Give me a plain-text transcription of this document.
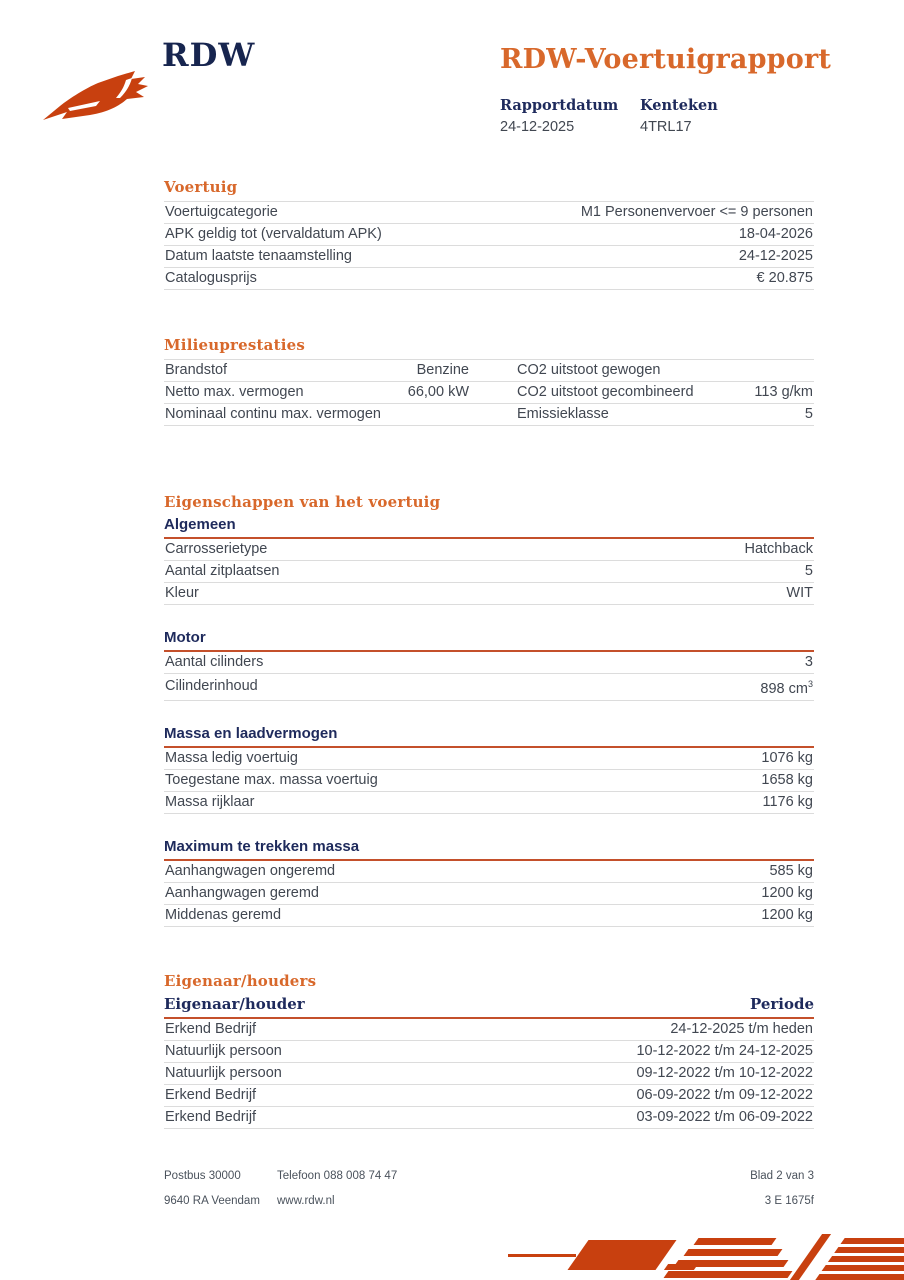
RDW	RDW-Voertuigrapport
Rapportdatum
24-12-2025
Kenteken
4TRL17
Voertuig
Voertuigcategorie	M1 Personenvervoer <= 9 personen
APK geldig tot (vervaldatum APK)	18-04-2026
Datum laatste tenaamstelling	24-12-2025
Catalogusprijs	€ 20.875
Milieuprestaties
Brandstof	Benzine		CO2 uitstoot gewogen	
Netto max. vermogen	66,00 kW		CO2 uitstoot gecombineerd	113 g/km
Nominaal continu max. vermogen			Emissieklasse	5
Eigenschappen van het voertuig
Algemeen
Carrosserietype	Hatchback
Aantal zitplaatsen	5
Kleur	WIT
Motor
Aantal cilinders	3
Cilinderinhoud	898 $cm^3$
Massa en laadvermogen
Massa ledig voertuig	1076 kg
Toegestane max. massa voertuig	1658 kg
Massa rijklaar	1176 kg
Maximum te trekken massa
Aanhangwagen ongeremd	585 kg
Aanhangwagen geremd	1200 kg
Middenas geremd	1200 kg
Eigenaar/houders
Eigenaar/houder	Periode
Erkend Bedrijf	24-12-2025 t/m heden
Natuurlijk persoon	10-12-2022 t/m 24-12-2025
Natuurlijk persoon	09-12-2022 t/m 10-12-2022
Erkend Bedrijf	06-09-2022 t/m 09-12-2022
Erkend Bedrijf	03-09-2022 t/m 06-09-2022
Postbus 30000	Telefoon 088 008 74 47	Blad 2 van 3
9640 RA Veendam	www.rdw.nl	3 E 1675f
